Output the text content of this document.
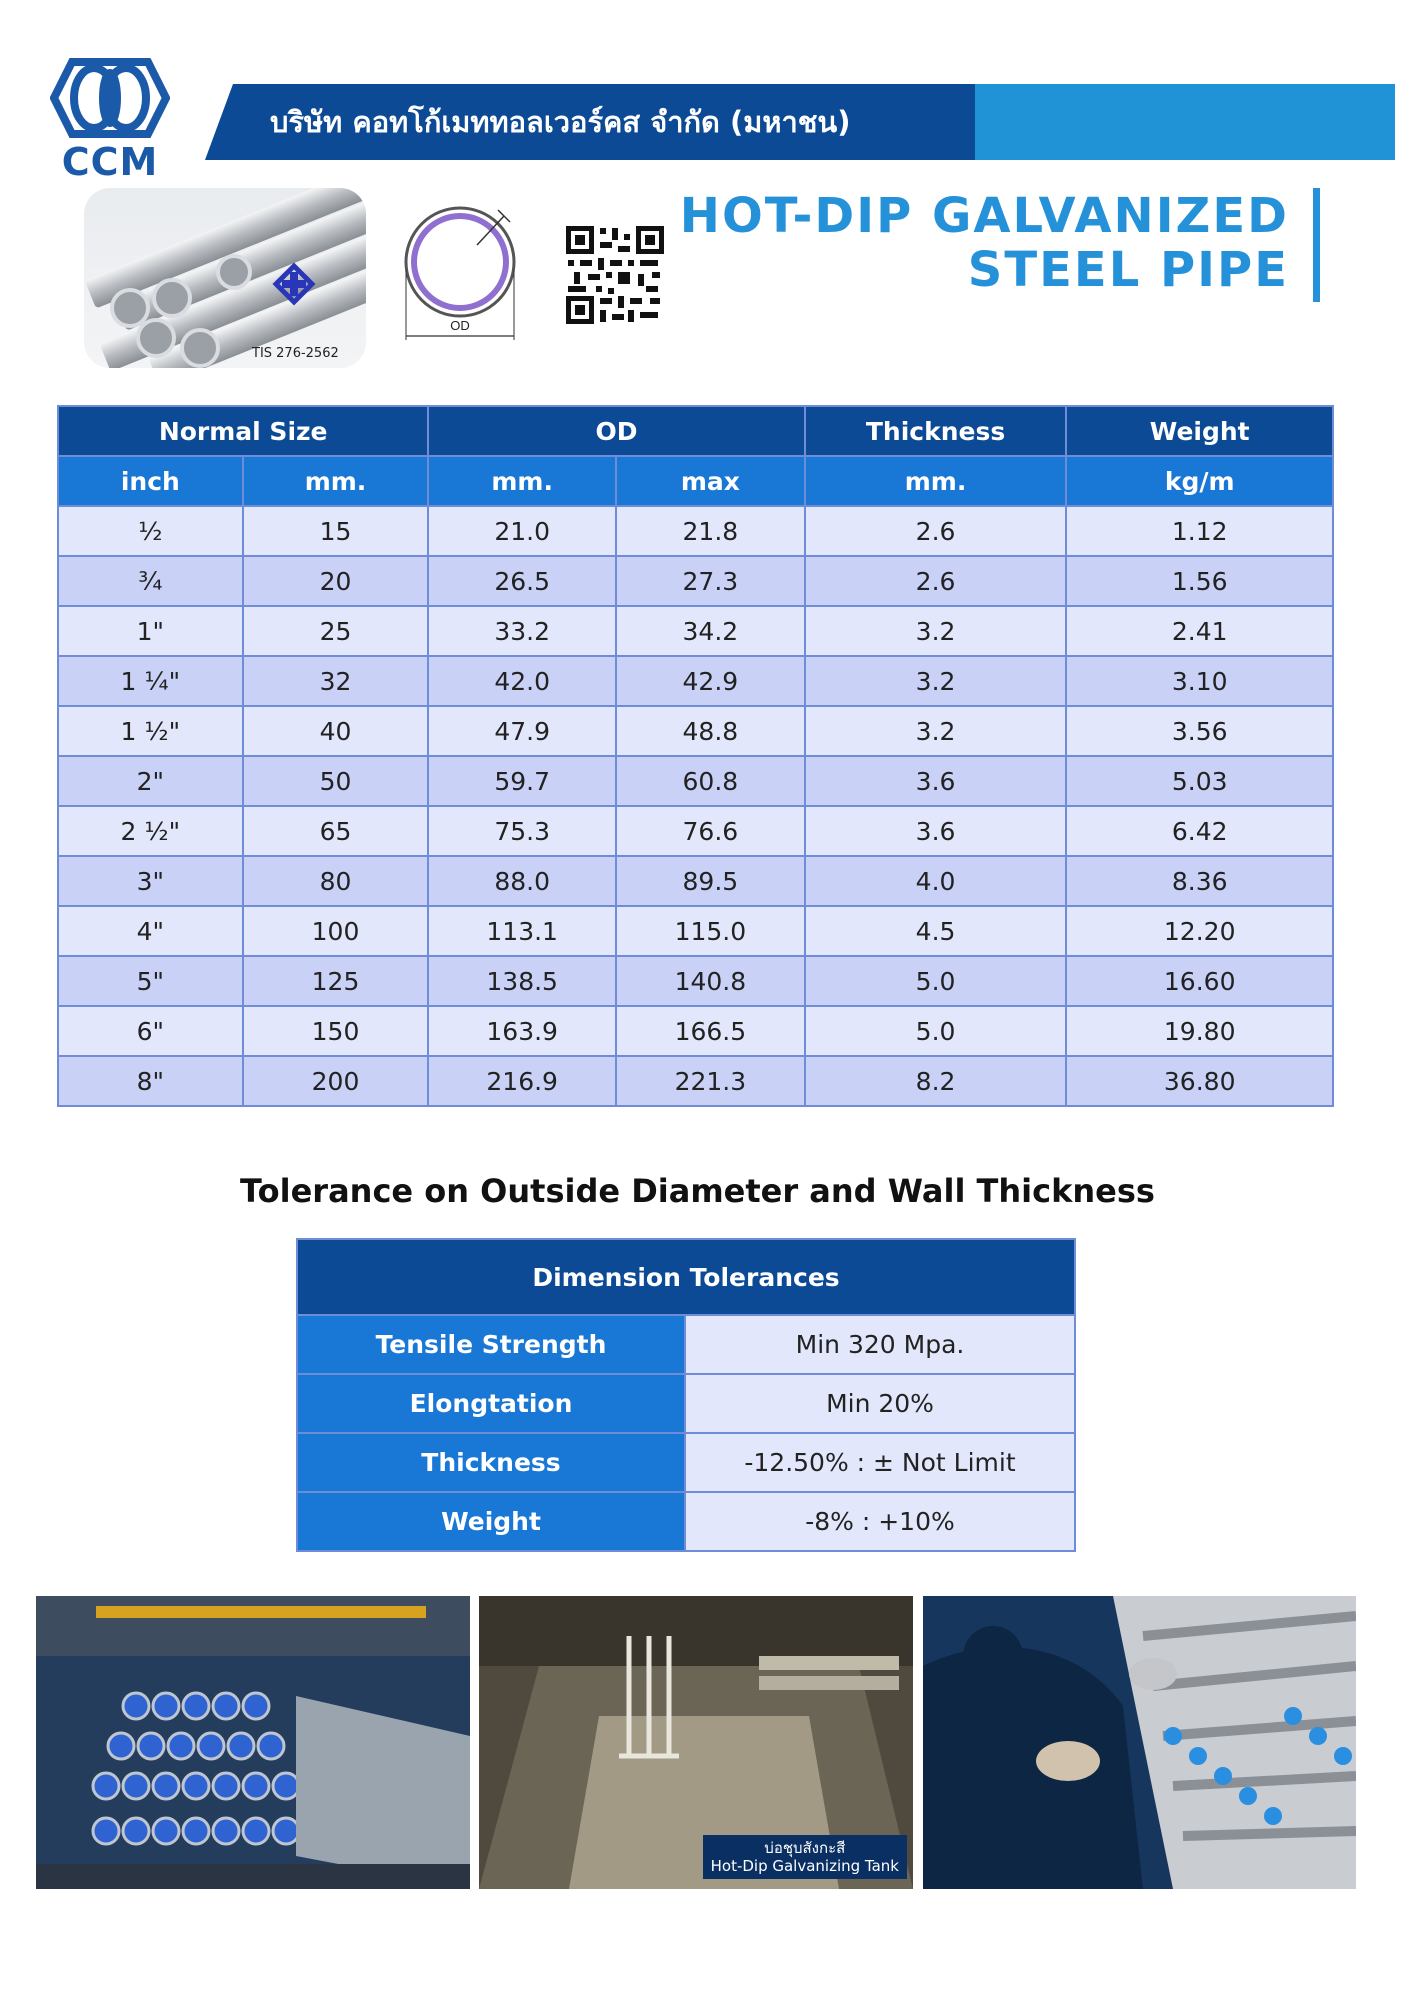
CCM
บริษัท คอทโก้เมททอลเวอร์คส จำกัด (มหาชน)
TIS 276-2562
OD
HOT-DIP GALVANIZED
STEEL PIPE
Normal Size		OD		Thickness	Weight
inch	mm.	mm.	max	mm.	kg/m
½	15	21.0	21.8	2.6	1.12
¾	20	26.5	27.3	2.6	1.56
1"	25	33.2	34.2	3.2	2.41
1 ¼"	32	42.0	42.9	3.2	3.10
1 ½"	40	47.9	48.8	3.2	3.56
2"	50	59.7	60.8	3.6	5.03
2 ½"	65	75.3	76.6	3.6	6.42
3"	80	88.0	89.5	4.0	8.36
4"	100	113.1	115.0	4.5	12.20
5"	125	138.5	140.8	5.0	16.60
6"	150	163.9	166.5	5.0	19.80
8"	200	216.9	221.3	8.2	36.80
Tolerance on Outside Diameter and Wall Thickness
Dimension Tolerances	
Tensile Strength	Min 320 Mpa.
Elongtation	Min 20%
Thickness	-12.50% : ± Not Limit
Weight	-8% : +10%
บ่อชุบสังกะสี
Hot-Dip Galvanizing Tank
